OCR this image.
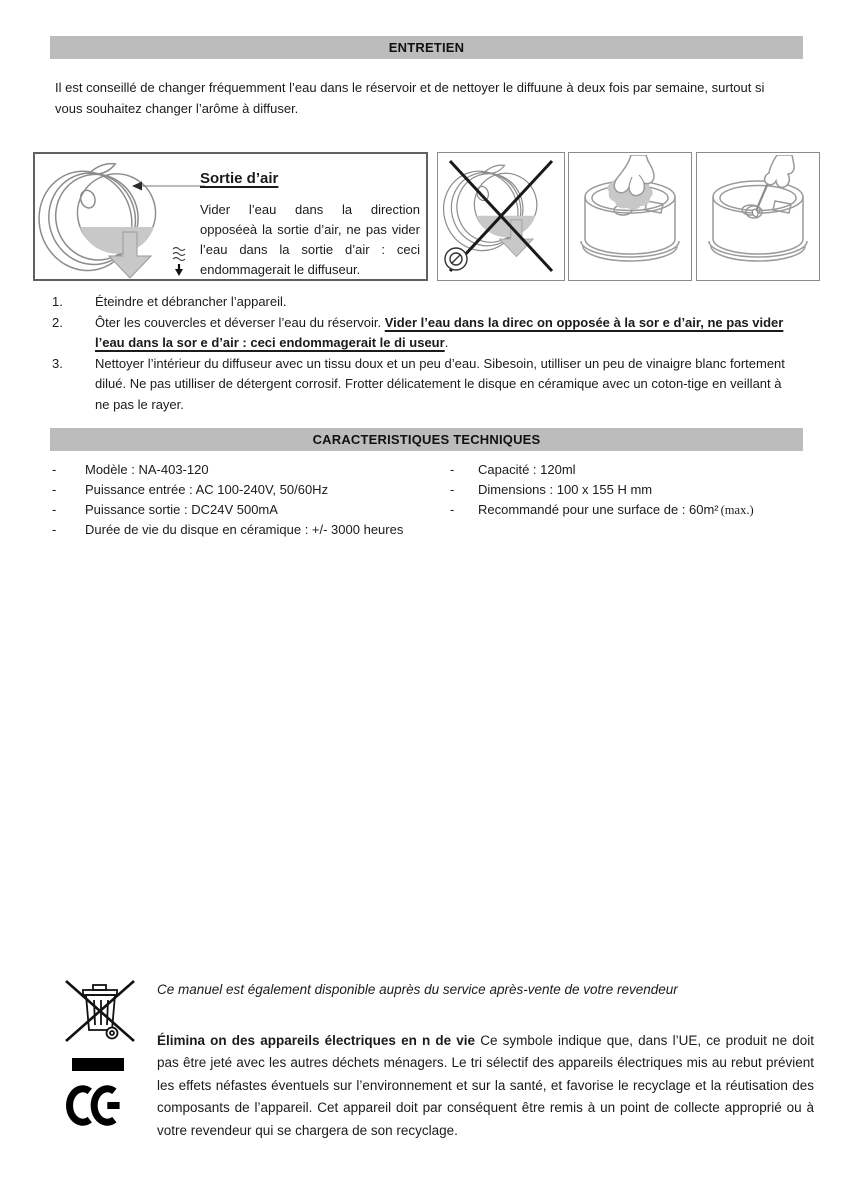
ENTRETIEN
Il est conseillé de changer fréquemment l’eau dans le réservoir et de nettoyer le diffuune à deux fois par semaine, surtout si vous souhaitez changer l’arôme à diffuser.
Sortie d’air
Vider l’eau dans la direction opposéeà la sortie d’air, ne pas vider l’eau dans la sortie d’air : ceci endommagerait le diffuseur.
1.	Éteindre et débrancher l’appareil.
2.	Ôter les couvercles et déverser l’eau du réservoir. Vider l’eau dans la direc on opposée à la sor e d’air, ne pas vider l’eau dans la sor e d’air : ceci endommagerait le di useur.
3.	Nettoyer l’intérieur du diffuseur avec un tissu doux et un peu d’eau. Sibesoin, utilliser un peu de vinaigre blanc fortement dilué. Ne pas utilliser de détergent corrosif. Frotter délicatement le disque en céramique avec un coton-tige en veillant à ne pas le rayer.
CARACTERISTIQUES TECHNIQUES
-	Modèle : NA-403-120
-	Puissance entrée : AC 100-240V, 50/60Hz
-	Puissance sortie : DC24V 500mA
-	Durée de vie du disque en céramique : +/- 3000 heures
-	Capacité : 120ml
-	Dimensions : 100 x 155 H mm
-	Recommandé pour une surface de : 60m² (max.)
Ce manuel est également disponible auprès du service après-vente de votre revendeur
Élimina on des appareils électriques en n de vie Ce symbole indique que, dans l’UE, ce produit ne doit pas être jeté avec les autres déchets ménagers. Le tri sélectif des appareils électriques mis au rebut prévient les effets néfastes éventuels sur l’environnement et sur la santé, et favorise le recyclage et la réutisation des composants de l’appareil. Cet appareil doit par conséquent être remis à un point de collecte approprié ou à votre revendeur qui se chargera de son recyclage.
